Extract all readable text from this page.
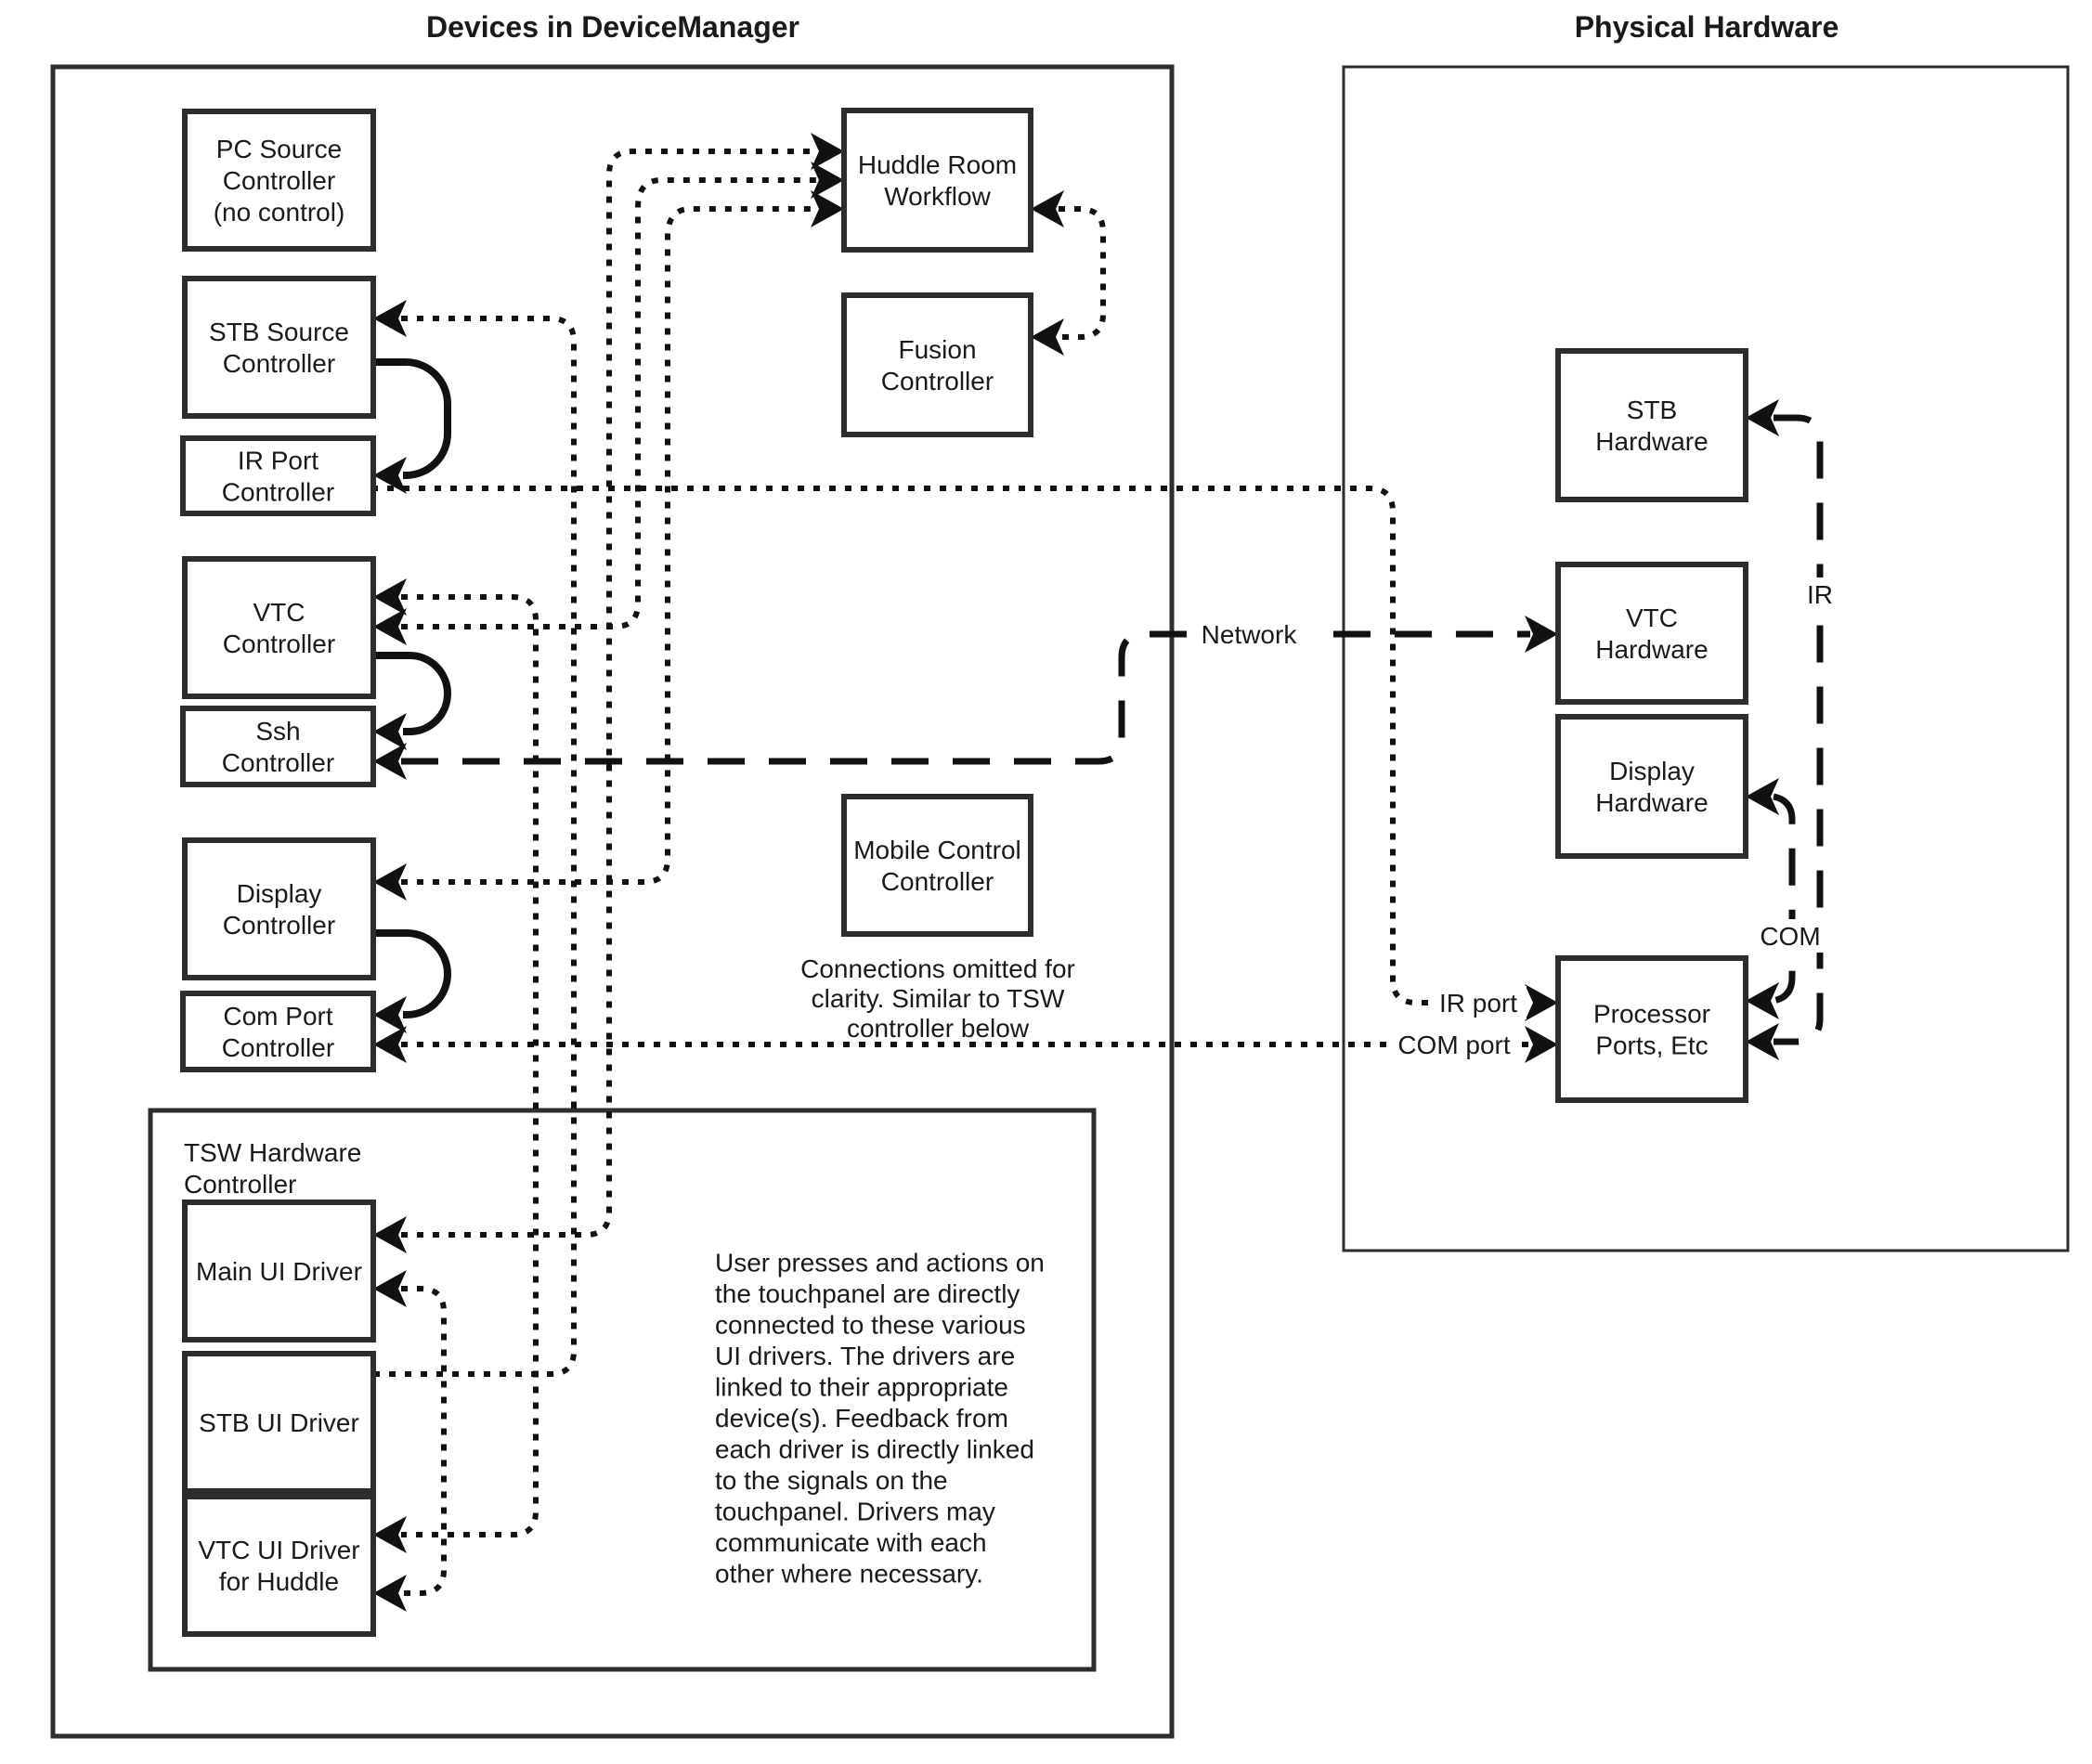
PC Source Controller (no control)
STB Source Controller
IR Port Controller
VTC Controller
Ssh Controller
Display Controller
Com Port Controller
Main UI Driver
STB UI Driver
VTC UI Driver for Huddle
Huddle Room Workflow
Fusion Controller
Mobile Control Controller
STB Hardware
VTC Hardware
Display Hardware
Processor Ports, Etc
Devices in DeviceManager	Physical Hardware
TSW Hardware Controller
Connections omitted for clarity. Similar to TSW controller below
User presses and actions on the touchpanel are directly connected to these various UI drivers. The drivers are linked to their appropriate device(s). Feedback from each driver is directly linked to the signals on the touchpanel. Drivers may communicate with each other where necessary.
Network
IR
COM
IR port
COM port
